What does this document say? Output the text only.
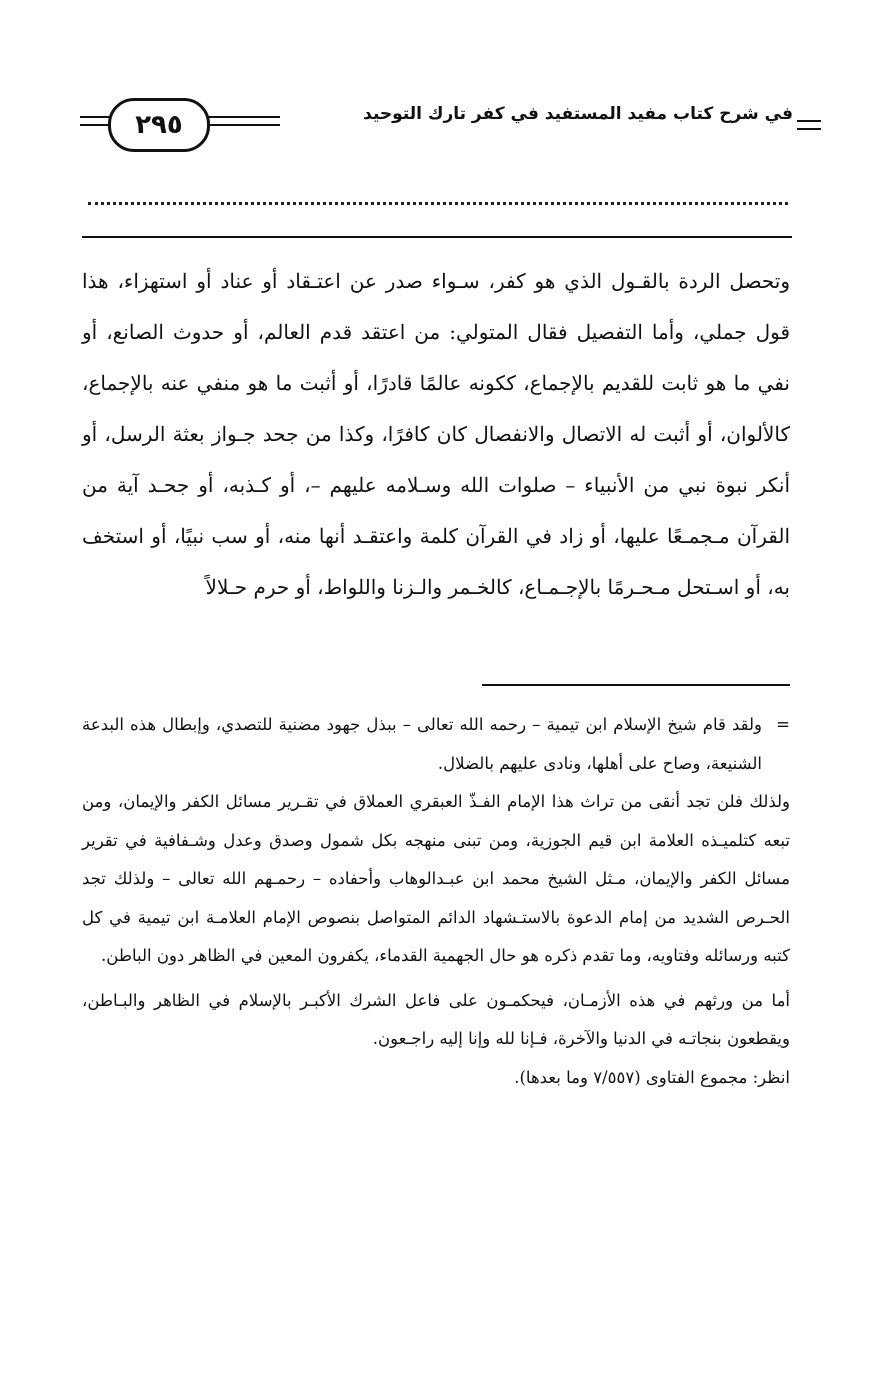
٢٩٥	في شرح كتاب مفيد المستفيد في كفر تارك التوحيد

وتحصل الردة بالقـول الذي هو كفر، سـواء صدر عن اعتـقاد أو عناد أو استهزاء، هذا قول جملي، وأما التفصيل فقال المتولي: من اعتقد قدم العالم، أو حدوث الصانع، أو نفي ما هو ثابت للقديم بالإجماع، ككونه عالمًا قادرًا، أو أثبت ما هو منفي عنه بالإجماع، كالألوان، أو أثبت له الاتصال والانفصال كان كافرًا، وكذا من جحد جـواز بعثة الرسل، أو أنكر نبوة نبي من الأنبياء – صلوات الله وسـلامه عليهم –، أو كـذبه، أو جحـد آية من القرآن مـجمـعًا عليها، أو زاد في القرآن كلمة واعتقـد أنها منه، أو سب نبيًا، أو استخف به، أو اسـتحل مـحـرمًا بالإجـمـاع، كالخـمر والـزنا واللواط، أو حرم حـلالاً

=
ولقد قام شيخ الإسلام ابن تيمية – رحمه الله تعالى – ببذل جهود مضنية للتصدي، وإبطال هذه البدعة الشنيعة، وصاح على أهلها، ونادى عليهم بالضلال.

ولذلك فلن تجد أنقى من تراث هذا الإمام الفـذّ العبقري العملاق في تقـرير مسائل الكفر والإيمان، ومن تبعه كتلميـذه العلامة ابن قيم الجوزية، ومن تبنى منهجه بكل شمول وصدق وعدل وشـفافية في تقرير مسائل الكفر والإيمان، مـثل الشيخ محمد ابن عبـدالوهاب وأحفاده – رحمـهم الله تعالى – ولذلك تجد الحـرص الشديد من إمام الدعوة بالاستـشهاد الدائم المتواصل بنصوص الإمام العلامـة ابن تيمية في كل كتبه ورسائله وفتاويه، وما تقدم ذكره هو حال الجهمية القدماء، يكفرون المعين في الظاهر دون الباطن.

أما من ورثهم في هذه الأزمـان، فيحكمـون على فاعل الشرك الأكبـر بالإسلام في الظاهر والبـاطن، ويقطعون بنجاتـه في الدنيا والآخرة، فـإنا لله وإنا إليه راجـعون.

انظر: مجموع الفتاوى (٧/٥٥٧ وما بعدها).
